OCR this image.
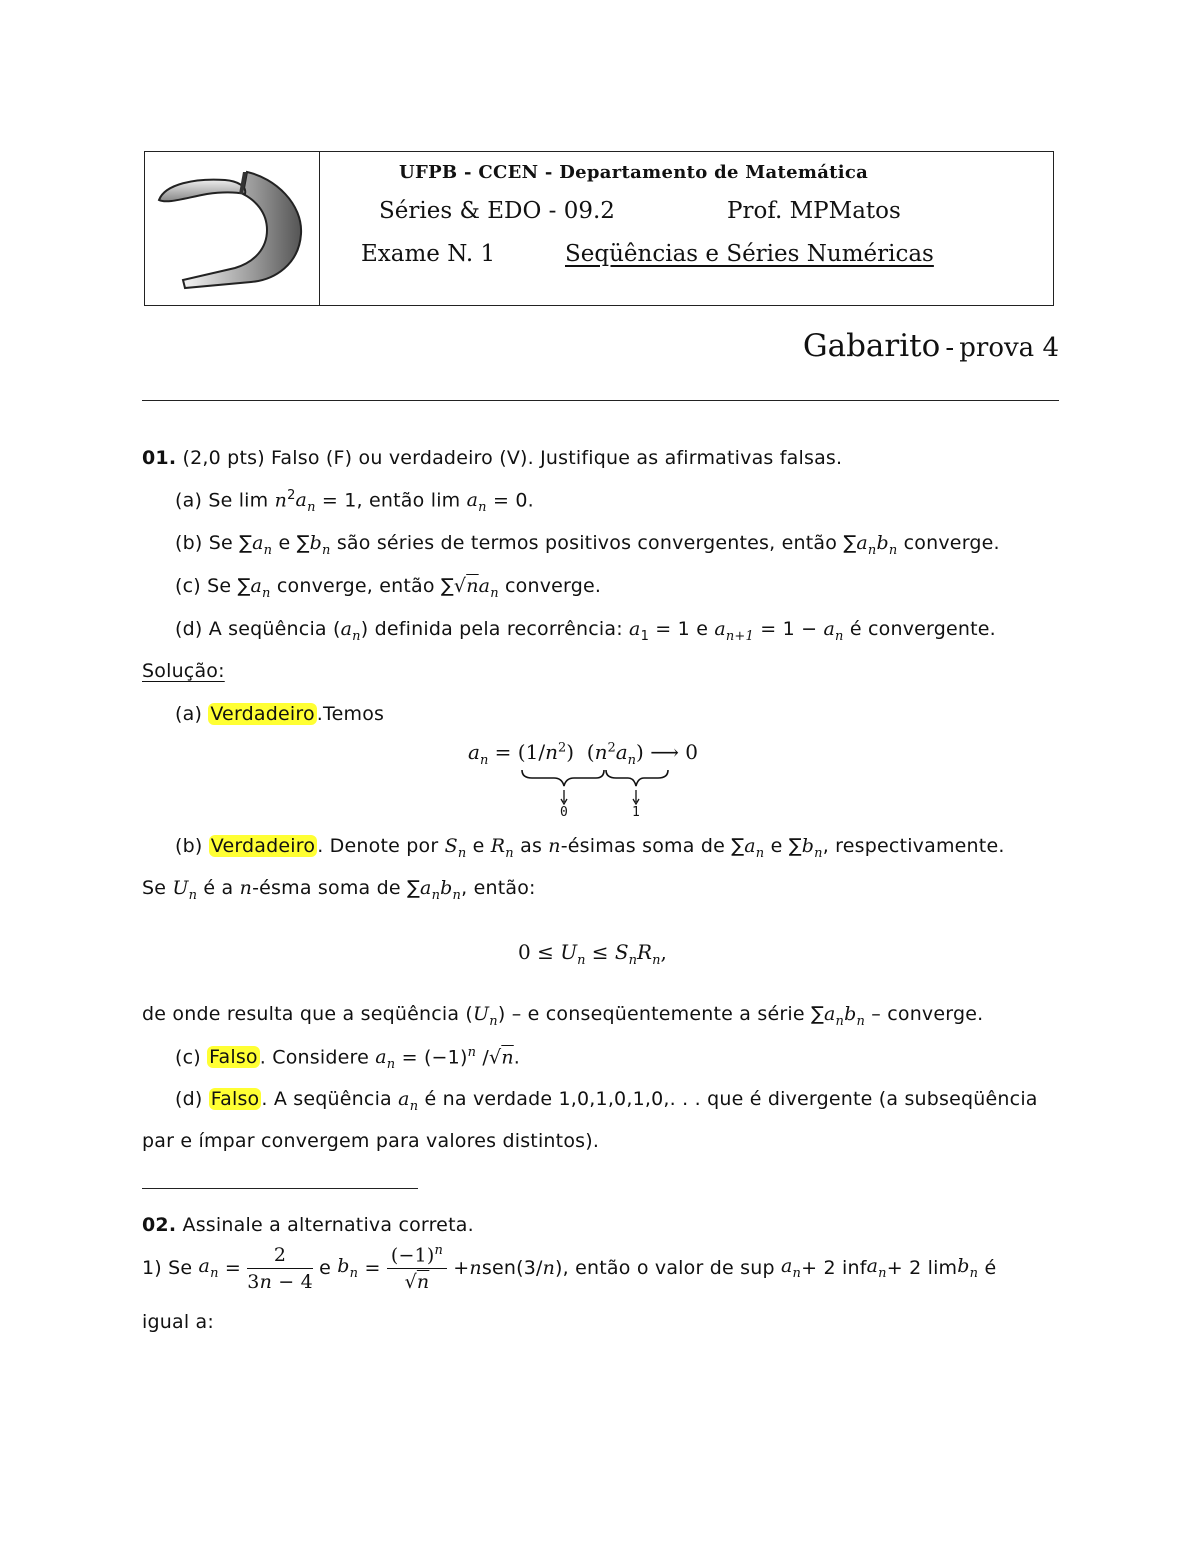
UFPB - CCEN - Departamento de Matemática
Séries & EDO - 09.2	Prof. MPMatos
Exame N. 1	Seqüências e Séries Numéricas
Gabarito - prova 4
01. (2,0 pts) Falso (F) ou verdadeiro (V). Justifique as afirmativas falsas.
(a) Se $\lim n^2a_n = 1$, então $\lim a_n = 0$.
(b) Se $\sum a_n$ e $\sum b_n$ são séries de termos positivos convergentes, então $\sum a_nb_n$ converge.
(c) Se $\sum a_n$ converge, então $\sum√na_n$ converge.
(d) A seqüência $(a_n)$ definida pela recorrência: $a_1 = 1$ e $a_{n+1} = 1 - a_n$ é convergente.
Solução:
(a) Verdadeiro .Temos
$a_n = (1/n^2)$  $(n^2a_n)$ ⟶ 0
0	1
(b) Verdadeiro . Denote por $S_n$ e $R_n$ as n-ésimas soma de $\sum a_n$ e $\sum b_n$, respectivamente.
Se $U_n$ é a n-ésma soma de $\sum a_nb_n$, então:
$0 \le U_n \le S_nR_n$,
de onde resulta que a seqüência $(U_n)$ – e conseqüentemente a série $\sum a_nb_n$ – converge.
(c) Falso . Considere $a_n = (-1)^n$ /√n.
(d) Falso . A seqüência $a_n$ é na verdade 1,0,1,0,1,0,. . . que é divergente (a subseqüência
par e ímpar convergem para valores distintos).
02. Assinale a alternativa correta.
1) Se
$a_n = \frac{2}{3n - 4}$ e $b_n = \frac{(-1)^n}{√n} + n$ sen(3/ n ) , então o valor de sup
$a_n + 2$ inf $a_n + 2$ $\lim b_n$
é
igual a:
